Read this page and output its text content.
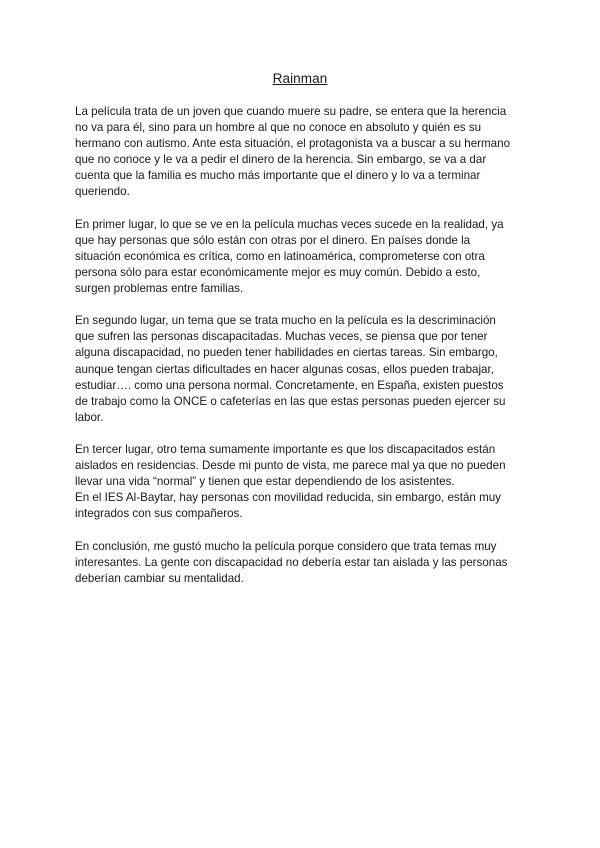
Rainman

La película trata de un joven que cuando muere su padre, se entera que la herencia
no va para él, sino para un hombre al que no conoce en absoluto y quién es su
hermano con autismo. Ante esta situación, el protagonista va a buscar a su hermano
que no conoce y le va a pedir el dinero de la herencia. Sin embargo, se va a dar
cuenta que la familia es mucho más importante que el dinero y lo va a terminar
queriendo.

En primer lugar, lo que se ve en la película muchas veces sucede en la realidad, ya
que hay personas que sólo están con otras por el dinero. En países donde la
situación económica es crítica, como en latinoamérica, comprometerse con otra
persona sólo para estar económicamente mejor es muy común. Debido a esto,
surgen problemas entre familias.

En segundo lugar, un tema que se trata mucho en la película es la descriminación
que sufren las personas discapacitadas. Muchas veces, se piensa que por tener
alguna discapacidad, no pueden tener habilidades en ciertas tareas. Sin embargo,
aunque tengan ciertas dificultades en hacer algunas cosas, ellos pueden trabajar,
estudiar…. como una persona normal. Concretamente, en España, existen puestos
de trabajo como la ONCE o cafeterías en las que estas personas pueden ejercer su
labor.

En tercer lugar, otro tema sumamente importante es que los discapacitados están
aislados en residencias. Desde mi punto de vista, me parece mal ya que no pueden
llevar una vida “normal” y tienen que estar dependiendo de los asistentes.
En el IES Al-Baytar, hay personas con movilidad reducida, sin embargo, están muy
integrados con sus compañeros.

En conclusión, me gustó mucho la película porque considero que trata temas muy
interesantes. La gente con discapacidad no debería estar tan aislada y las personas
deberían cambiar su mentalidad.
